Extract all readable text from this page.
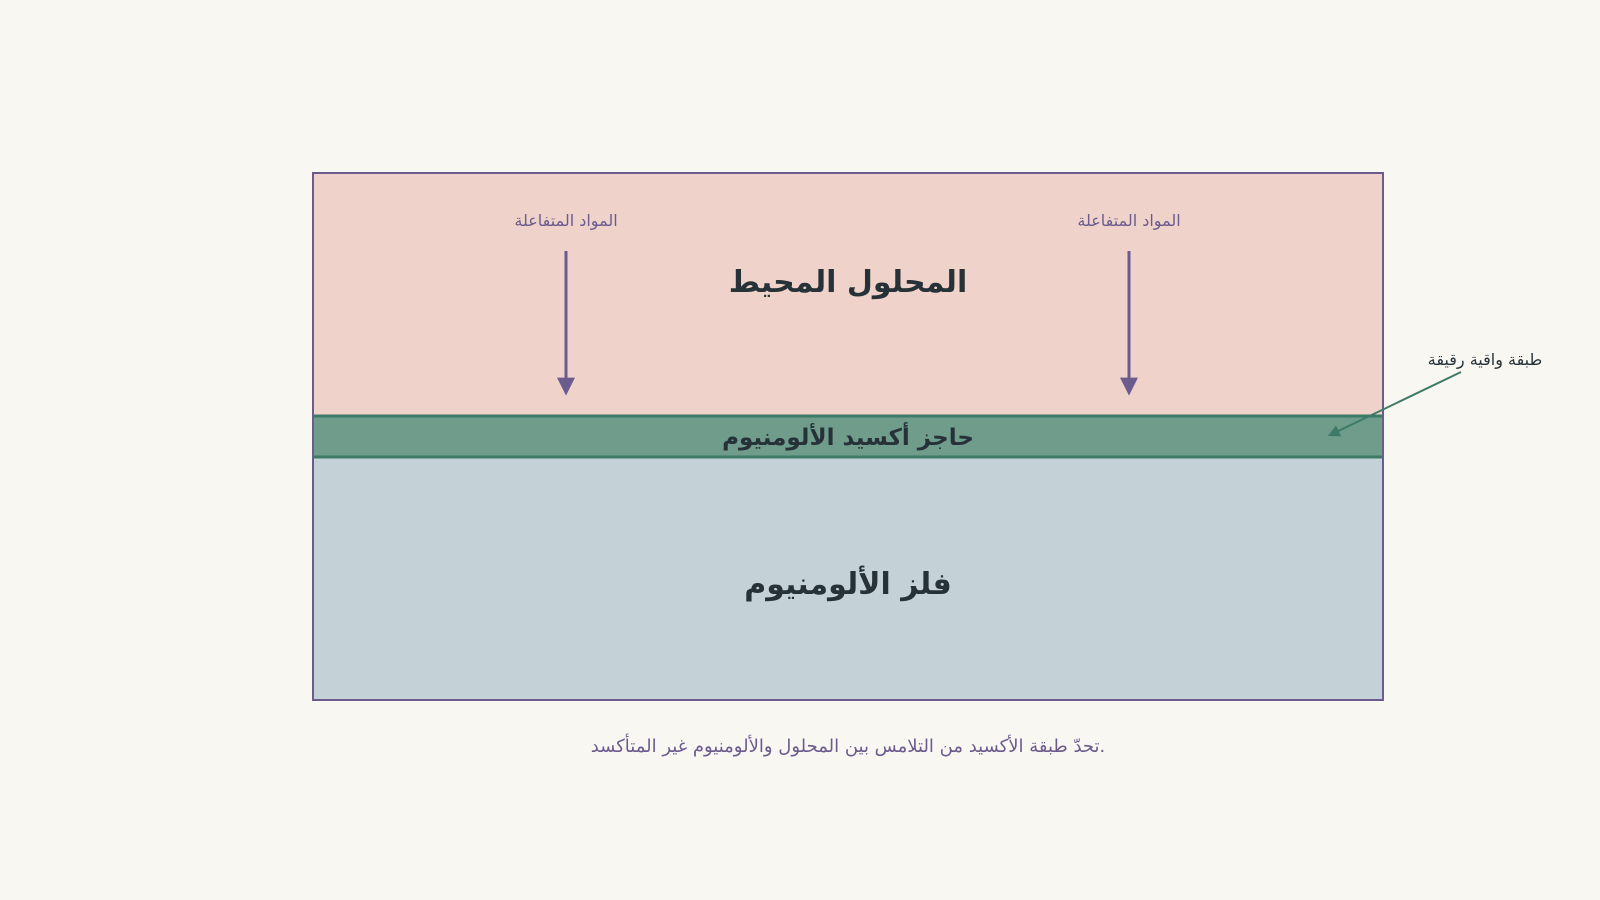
المواد المتفاعلة	المواد المتفاعلة
المحلول المحيط
حاجز أكسيد الألومنيوم
فلز الألومنيوم
طبقة واقية رقيقة
تحدّ طبقة الأكسيد من التلامس بين المحلول والألومنيوم غير المتأكسد.
